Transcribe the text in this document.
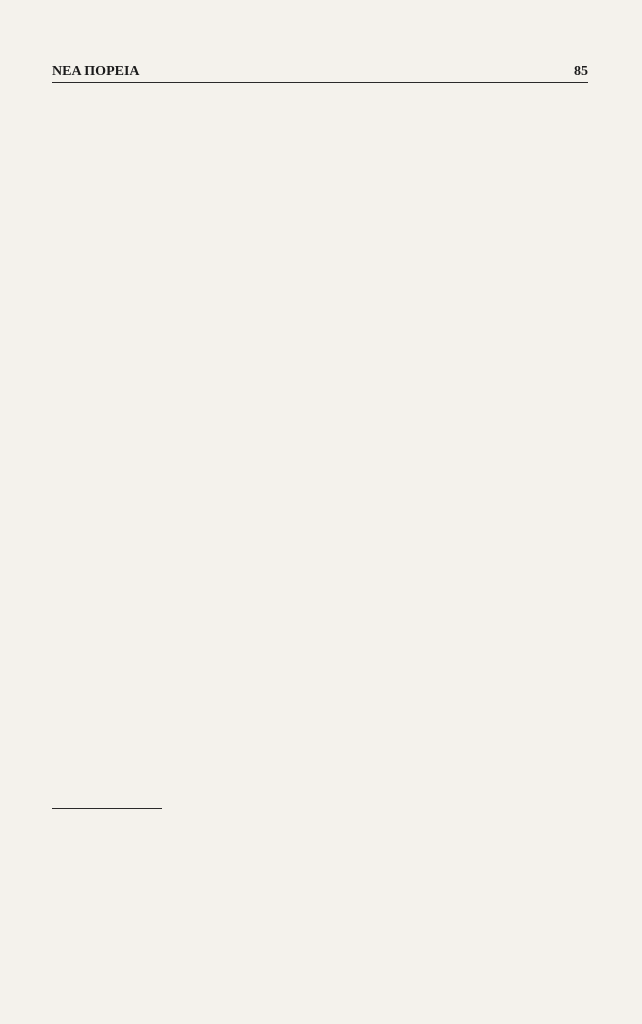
ΝΕΑ ΠΟΡΕΙΑ	85
